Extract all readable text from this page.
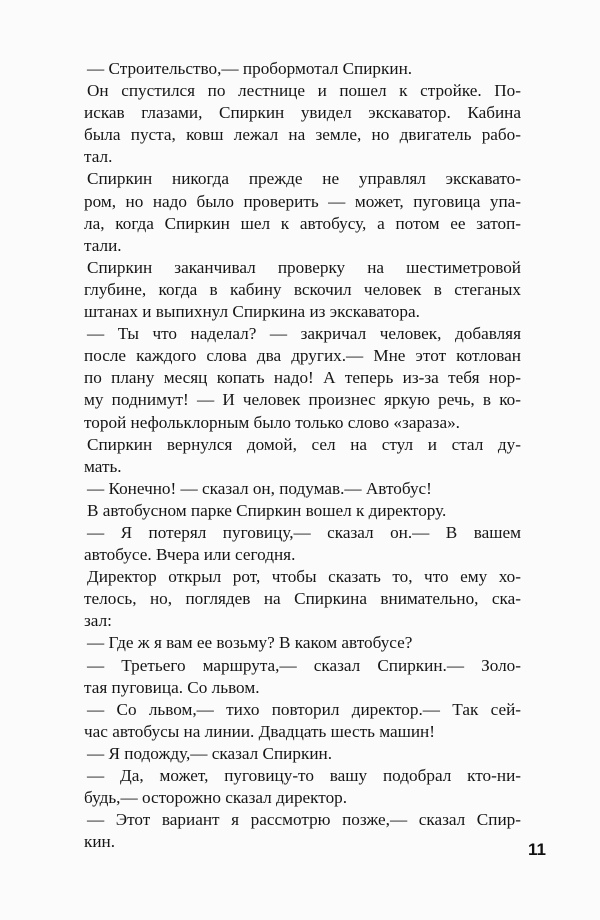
— Строительство,— пробормотал Спиркин.
Он спустился по лестнице и пошел к стройке. По-
искав глазами, Спиркин увидел экскаватор. Кабина
была пуста, ковш лежал на земле, но двигатель рабо-
тал.
Спиркин никогда прежде не управлял экскавато-
ром, но надо было проверить — может, пуговица упа-
ла, когда Спиркин шел к автобусу, а потом ее затоп-
тали.
Спиркин заканчивал проверку на шестиметровой
глубине, когда в кабину вскочил человек в стеганых
штанах и выпихнул Спиркина из экскаватора.
— Ты что наделал? — закричал человек, добавляя
после каждого слова два других.— Мне этот котлован
по плану месяц копать надо! А теперь из-за тебя нор-
му поднимут! — И человек произнес яркую речь, в ко-
торой нефольклорным было только слово «зараза».
Спиркин вернулся домой, сел на стул и стал ду-
мать.
— Конечно! — сказал он, подумав.— Автобус!
В автобусном парке Спиркин вошел к директору.
— Я потерял пуговицу,— сказал он.— В вашем
автобусе. Вчера или сегодня.
Директор открыл рот, чтобы сказать то, что ему хо-
телось, но, поглядев на Спиркина внимательно, ска-
зал:
— Где ж я вам ее возьму? В каком автобусе?
— Третьего маршрута,— сказал Спиркин.— Золо-
тая пуговица. Со львом.
— Со львом,— тихо повторил директор.— Так сей-
час автобусы на линии. Двадцать шесть машин!
— Я подожду,— сказал Спиркин.
— Да, может, пуговицу-то вашу подобрал кто-ни-
будь,— осторожно сказал директор.
— Этот вариант я рассмотрю позже,— сказал Спир-
кин.	11
